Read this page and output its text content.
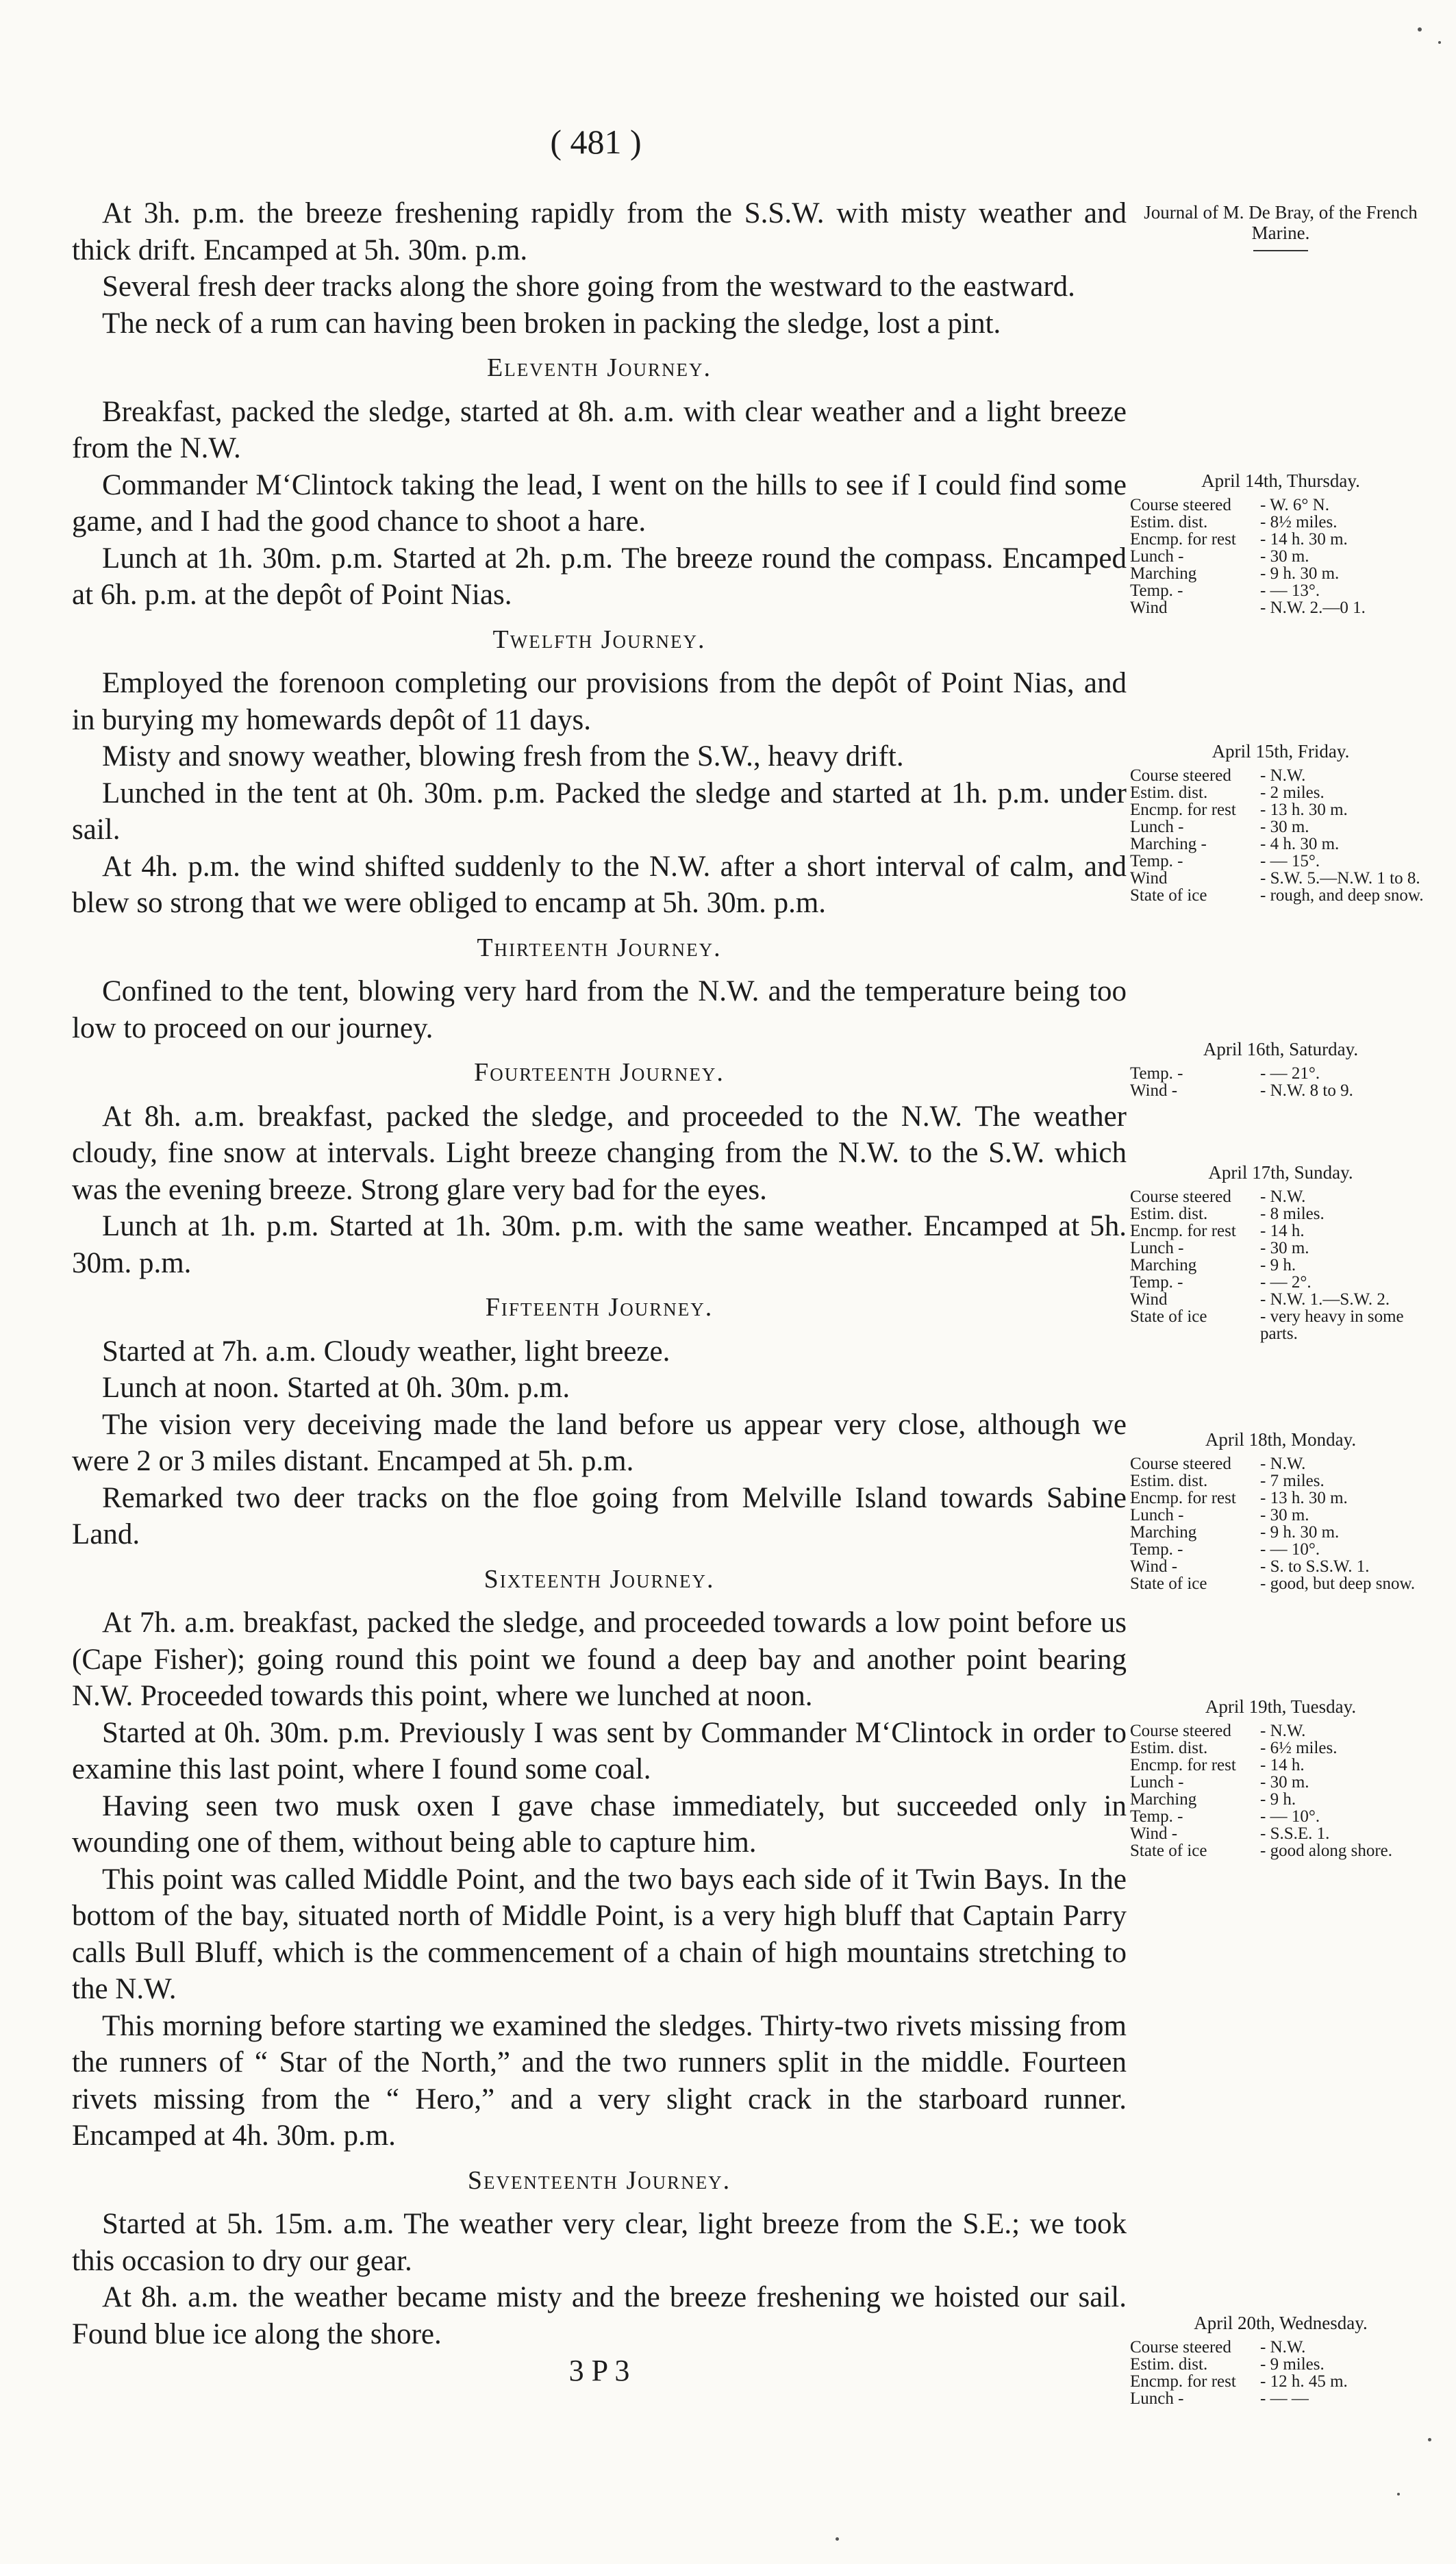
( 481 )

At 3h. p.m. the breeze freshening rapidly from the S.S.W. with misty weather and thick drift. Encamped at 5h. 30m. p.m.

Several fresh deer tracks along the shore going from the westward to the eastward.

The neck of a rum can having been broken in packing the sledge, lost a pint.

Eleventh Journey.

Breakfast, packed the sledge, started at 8h. a.m. with clear weather and a light breeze from the N.W.

Commander M‘Clintock taking the lead, I went on the hills to see if I could find some game, and I had the good chance to shoot a hare.

Lunch at 1h. 30m. p.m. Started at 2h. p.m. The breeze round the compass. Encamped at 6h. p.m. at the depôt of Point Nias.

Twelfth Journey.

Employed the forenoon completing our provisions from the depôt of Point Nias, and in burying my homewards depôt of 11 days.

Misty and snowy weather, blowing fresh from the S.W., heavy drift.

Lunched in the tent at 0h. 30m. p.m. Packed the sledge and started at 1h. p.m. under sail.

At 4h. p.m. the wind shifted suddenly to the N.W. after a short interval of calm, and blew so strong that we were obliged to encamp at 5h. 30m. p.m.

Thirteenth Journey.

Confined to the tent, blowing very hard from the N.W. and the temperature being too low to proceed on our journey.

Fourteenth Journey.

At 8h. a.m. breakfast, packed the sledge, and proceeded to the N.W. The weather cloudy, fine snow at intervals. Light breeze changing from the N.W. to the S.W. which was the evening breeze. Strong glare very bad for the eyes.

Lunch at 1h. p.m. Started at 1h. 30m. p.m. with the same weather. Encamped at 5h. 30m. p.m.

Fifteenth Journey.

Started at 7h. a.m. Cloudy weather, light breeze.

Lunch at noon. Started at 0h. 30m. p.m.

The vision very deceiving made the land before us appear very close, although we were 2 or 3 miles distant. Encamped at 5h. p.m.

Remarked two deer tracks on the floe going from Melville Island towards Sabine Land.

Sixteenth Journey.

At 7h. a.m. breakfast, packed the sledge, and proceeded towards a low point before us (Cape Fisher); going round this point we found a deep bay and another point bearing N.W. Proceeded towards this point, where we lunched at noon.

Started at 0h. 30m. p.m. Previously I was sent by Commander M‘Clintock in order to examine this last point, where I found some coal.

Having seen two musk oxen I gave chase immediately, but succeeded only in wounding one of them, without being able to capture him.

This point was called Middle Point, and the two bays each side of it Twin Bays. In the bottom of the bay, situated north of Middle Point, is a very high bluff that Captain Parry calls Bull Bluff, which is the commencement of a chain of high mountains stretching to the N.W.

This morning before starting we examined the sledges. Thirty-two rivets missing from the runners of “ Star of the North,” and the two runners split in the middle. Fourteen rivets missing from the “ Hero,” and a very slight crack in the starboard runner. Encamped at 4h. 30m. p.m.

Seventeenth Journey.

Started at 5h. 15m. a.m. The weather very clear, light breeze from the S.E.; we took this occasion to dry our gear.

At 8h. a.m. the weather became misty and the breeze freshening we hoisted our sail. Found blue ice along the shore.

3 P 3
Journal of M. De Bray, of the French Marine.
April 14th, Thursday.
Course steered	- W. 6° N.
Estim. dist.	- 8½ miles.
Encmp. for rest	- 14 h. 30 m.
Lunch -	- 30 m.
Marching	- 9 h. 30 m.
Temp. -	- — 13°.
Wind	- N.W. 2.—0 1.
April 15th, Friday.
Course steered	- N.W.
Estim. dist.	- 2 miles.
Encmp. for rest	- 13 h. 30 m.
Lunch -	- 30 m.
Marching -	- 4 h. 30 m.
Temp. -	- — 15°.
Wind	- S.W. 5.—N.W. 1 to 8.
State of ice	- rough, and deep snow.
April 16th, Saturday.
Temp. -	- — 21°.
Wind -	- N.W. 8 to 9.
April 17th, Sunday.
Course steered	- N.W.
Estim. dist.	- 8 miles.
Encmp. for rest	- 14 h.
Lunch -	- 30 m.
Marching	- 9 h.
Temp. -	- — 2°.
Wind	- N.W. 1.—S.W. 2.
State of ice	- very heavy in some parts.
April 18th, Monday.
Course steered	- N.W.
Estim. dist.	- 7 miles.
Encmp. for rest	- 13 h. 30 m.
Lunch -	- 30 m.
Marching	- 9 h. 30 m.
Temp. -	- — 10°.
Wind -	- S. to S.S.W. 1.
State of ice	- good, but deep snow.
April 19th, Tuesday.
Course steered	- N.W.
Estim. dist.	- 6½ miles.
Encmp. for rest	- 14 h.
Lunch -	- 30 m.
Marching	- 9 h.
Temp. -	- — 10°.
Wind -	- S.S.E. 1.
State of ice	- good along shore.
April 20th, Wednesday.
Course steered	- N.W.
Estim. dist.	- 9 miles.
Encmp. for rest	- 12 h. 45 m.
Lunch -	- — —
